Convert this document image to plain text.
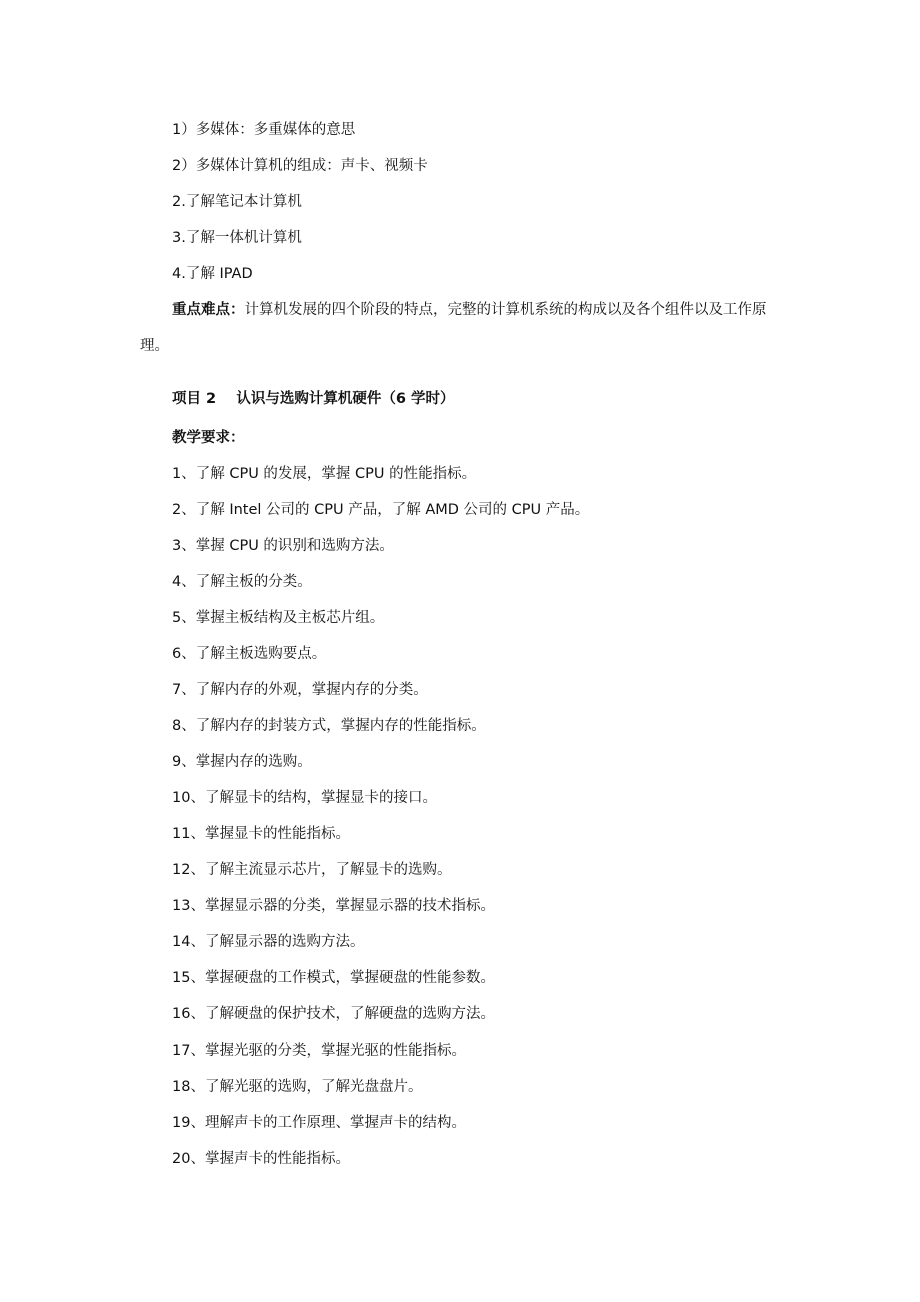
1）多媒体：多重媒体的意思
2）多媒体计算机的组成：声卡、视频卡
2.了解笔记本计算机
3.了解一体机计算机
4.了解 IPAD
重点难点：计算机发展的四个阶段的特点，完整的计算机系统的构成以及各个组件以及工作原理。
项目 2    认识与选购计算机硬件（6 学时）
教学要求：
1、了解 CPU 的发展，掌握 CPU 的性能指标。
2、了解 Intel 公司的 CPU 产品，了解 AMD 公司的 CPU 产品。
3、掌握 CPU 的识别和选购方法。
4、了解主板的分类。
5、掌握主板结构及主板芯片组。
6、了解主板选购要点。
7、了解内存的外观，掌握内存的分类。
8、了解内存的封装方式，掌握内存的性能指标。
9、掌握内存的选购。
10、了解显卡的结构，掌握显卡的接口。
11、掌握显卡的性能指标。
12、了解主流显示芯片，了解显卡的选购。
13、掌握显示器的分类，掌握显示器的技术指标。
14、了解显示器的选购方法。
15、掌握硬盘的工作模式，掌握硬盘的性能参数。
16、了解硬盘的保护技术，了解硬盘的选购方法。
17、掌握光驱的分类，掌握光驱的性能指标。
18、了解光驱的选购，了解光盘盘片。
19、理解声卡的工作原理、掌握声卡的结构。
20、掌握声卡的性能指标。
